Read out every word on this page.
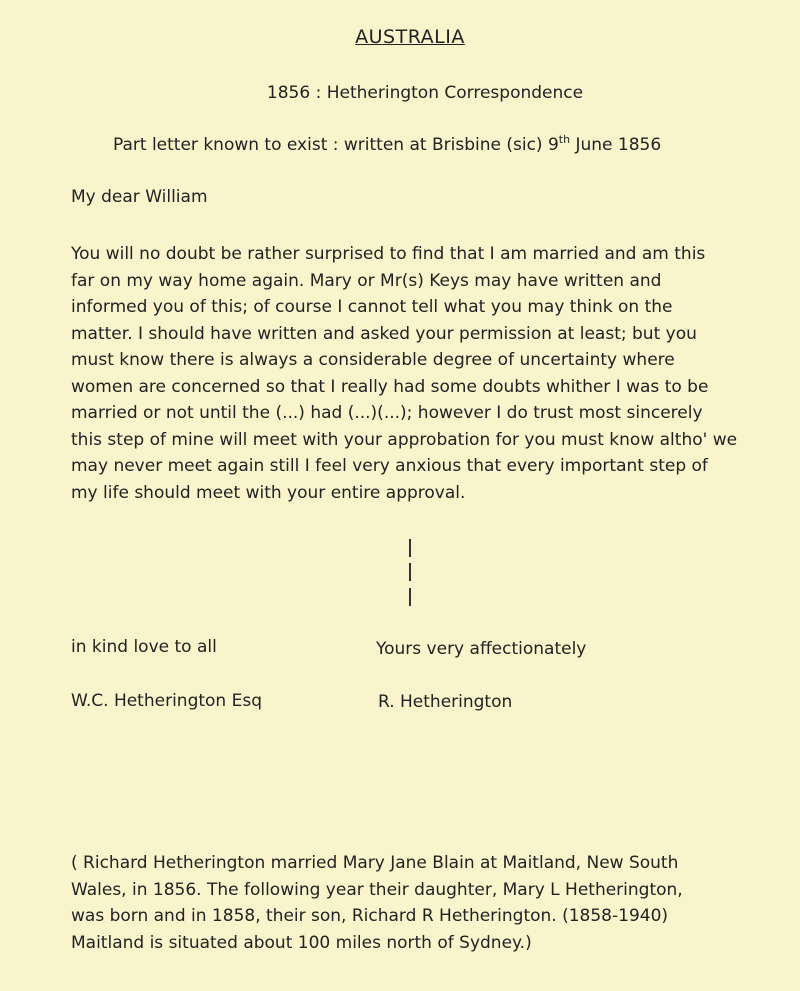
AUSTRALIA
1856 : Hetherington Correspondence
Part letter known to exist : written at Brisbine (sic) 9th June 1856
My dear William
You will no doubt be rather surprised to find that I am married and am this
far on my way home again. Mary or Mr(s) Keys may have written and
informed you of this; of course I cannot tell what you may think on the
matter. I should have written and asked your permission at least; but you
must know there is always a considerable degree of uncertainty where
women are concerned so that I really had some doubts whither I was to be
married or not until the (...) had (...)(...); however I do trust most sincerely
this step of mine will meet with your approbation for you must know altho' we
may never meet again still I feel very anxious that every important step of
my life should meet with your entire approval.
in kind love to all	Yours very affectionately
W.C. Hetherington Esq	R. Hetherington
( Richard Hetherington married Mary Jane Blain at Maitland, New South
Wales, in 1856. The following year their daughter, Mary L Hetherington,
was born and in 1858, their son, Richard R Hetherington. (1858-1940)
Maitland is situated about 100 miles north of Sydney.)
